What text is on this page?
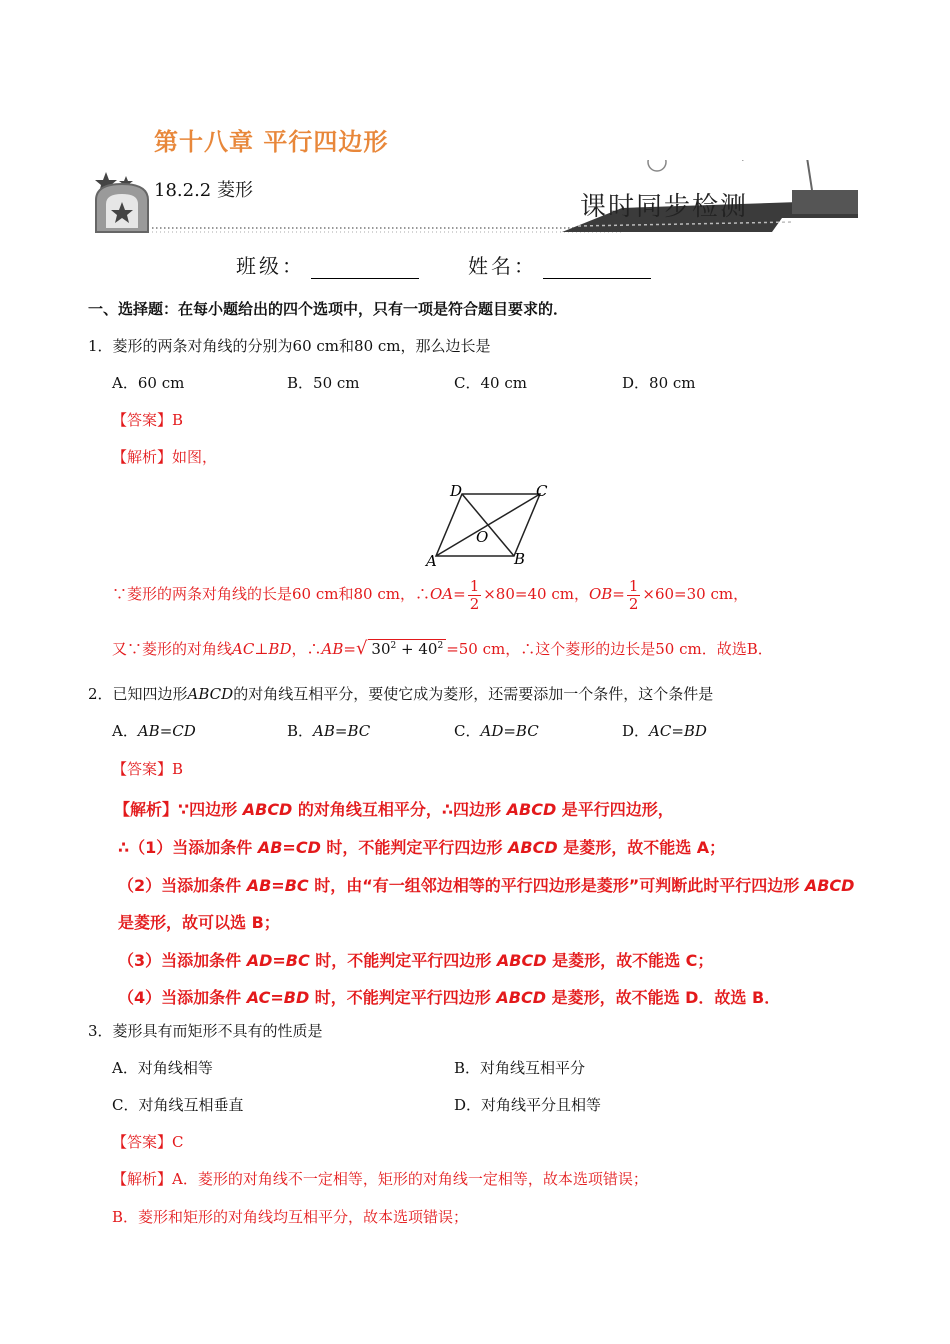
第十八章 平行四边形
18.2.2 菱形
课时同步检测
班级：	姓名：
一、选择题：在每小题给出的四个选项中，只有一项是符合题目要求的．
1．菱形的两条对角线的分别为60 cm和80 cm，那么边长是
A．60 cm	B．50 cm	C．40 cm	D．80 cm
【答案】B
【解析】如图，
D	C
A	B
O
∵菱形的两条对角线的长是60 cm和80 cm，∴OA= $\frac{1}{2} \times 80=40$ cm，$OB= \frac{1}{2} \times 60=30$ cm，
又∵菱形的对角线AC⊥BD，∴AB=√ $30^2 + 40^2 =50$ cm，∴这个菱形的边长是50 cm．故选B．
2．已知四边形ABCD的对角线互相平分，要使它成为菱形，还需要添加一个条件，这个条件是
A．AB=CD	B．AB=BC	C．AD=BC	D．AC=BD
【答案】B
【解析】∵四边形 ABCD 的对角线互相平分，∴四边形 ABCD 是平行四边形，
∴（1）当添加条件 AB=CD 时，不能判定平行四边形 ABCD 是菱形，故不能选 A；
（2）当添加条件 AB=BC 时，由“有一组邻边相等的平行四边形是菱形”可判断此时平行四边形 ABCD
是菱形，故可以选 B；
（3）当添加条件 AD=BC 时，不能判定平行四边形 ABCD 是菱形，故不能选 C；
（4）当添加条件 AC=BD 时，不能判定平行四边形 ABCD 是菱形，故不能选 D．故选 B．
3．菱形具有而矩形不具有的性质是
A．对角线相等	B．对角线互相平分
C．对角线互相垂直	D．对角线平分且相等
【答案】C
【解析】A．菱形的对角线不一定相等，矩形的对角线一定相等，故本选项错误；
B．菱形和矩形的对角线均互相平分，故本选项错误；
